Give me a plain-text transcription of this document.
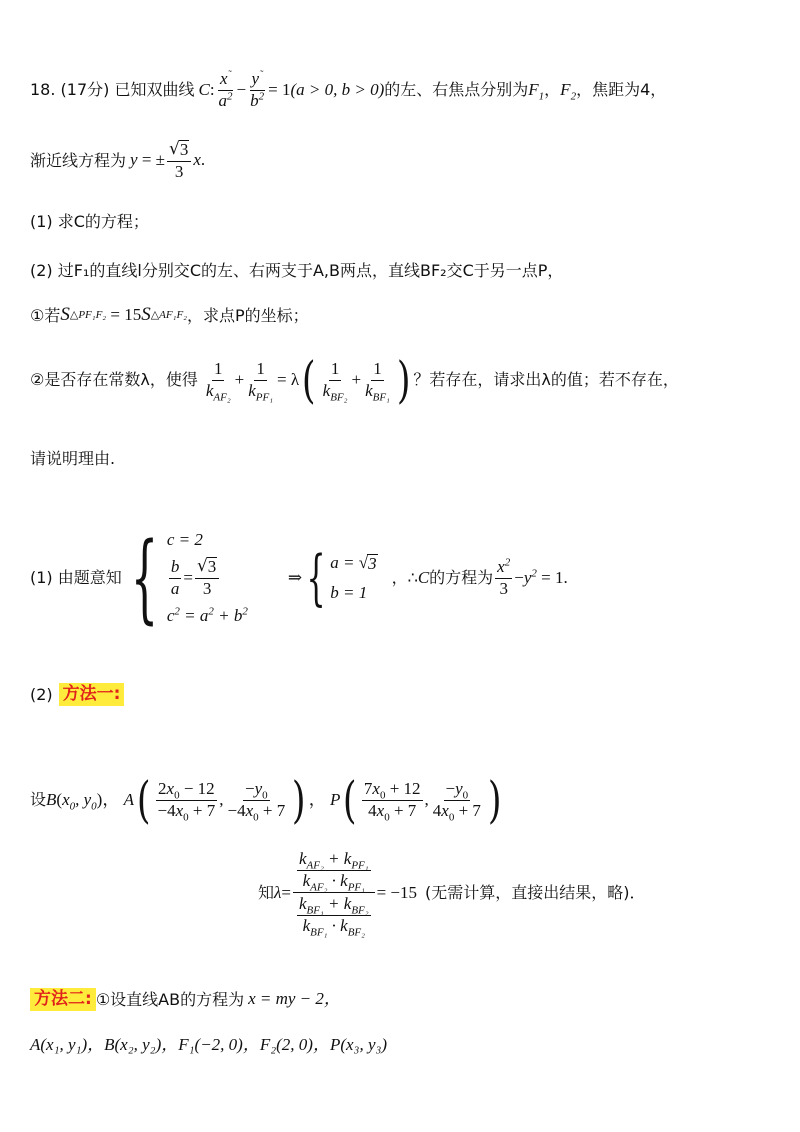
18. (17分) 已知双曲线 C : $\frac{x^˜}{a^2} - \frac{y^˜}{b^2} = 1$ (a > 0, b > 0) 的左、右焦点分别为 $F_1$ ， $F_2$ ，焦距为4，
渐近线方程为 y = ± $\frac{√ 3}{3}$ x .
(1) 求C的方程；
(2) 过F₁的直线l分别交C的左、右两支于A,B两点，直线BF₂交C于另一点P，
①若 S △PF₁F₂ = 15 S △AF₁F₂ ，求点P的坐标；
②是否存在常数λ，使得 $\frac{1}{k_{AF_2}} + \frac{1}{k_{PF_1}} = \lambda$ ( $\frac{1}{k_{BF_2}} + \frac{1}{k_{BF_1}}$ ) ？若存在，请求出λ的值；若不存在，
请说明理由.
(1) 由题意知 { c = 2
$\frac{b}{a} = \frac{√ 3}{3}$
$c^2 = a^2 + b^2$
⇒ { a = √ 3
b = 1
，∴ C 的方程为 $\frac{x^2}{3} - y^2 = 1$.
(2) 方法一:
设 B ( $x_0$, $y_0$ )， A ( $\frac{2x_0 - 12}{-4x_0 + 7}$ , $\frac{-y_0}{-4x_0 + 7}$ ) ， P ( $\frac{7x_0 + 12}{4x_0 + 7}$ , $\frac{-y_0}{4x_0 + 7}$ )
知 $\lambda = \frac{\frac{k_{AF_2} + k_{PF_1}}{k_{AF_2} \cdot k_{PF_1}}}{\frac{k_{BF_1} + k_{BF_2}}{k_{BF_1} \cdot k_{BF_2}}} = -15$ (无需计算，直接出结果，略)．
方法二: ①设直线AB的方程为 x = my − 2，
A(x₁, y₁)，B(x₂, y₂)，F₁(−2, 0)，F₂(2, 0)，P(x₃, y₃)
